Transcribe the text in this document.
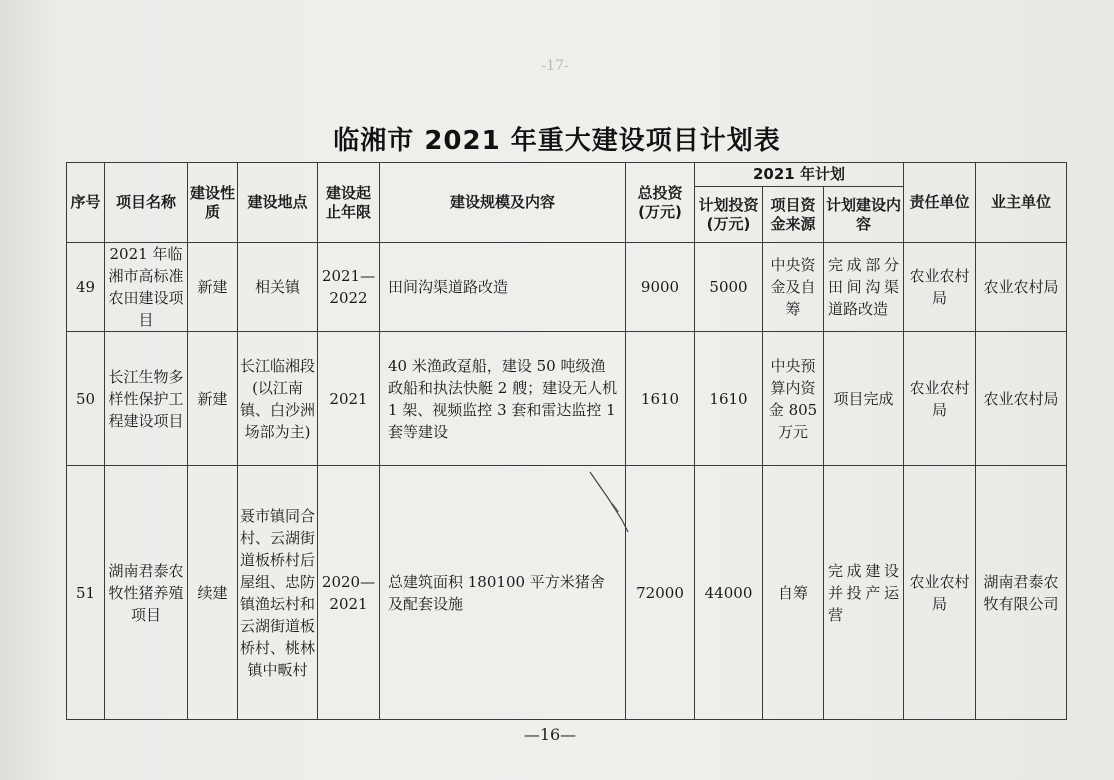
-17-
临湘市 2021 年重大建设项目计划表
序号	项目名称	建设性质	建设地点	建设起止年限	建设规模及内容	总投资(万元)	2021 年计划			责任单位	业主单位
							计划投资(万元)	项目资金来源	计划建设内容		
49	2021 年临湘市高标准农田建设项目	新建	相关镇	2021—2022	田间沟渠道路改造	9000	5000	中央资金及自筹	完成部分田间沟渠道路改造	农业农村局	农业农村局
50	长江生物多样性保护工程建设项目	新建	长江临湘段(以江南镇、白沙洲场部为主)	2021	40 米渔政趸船，建设 50 吨级渔政船和执法快艇 2 艘；建设无人机 1 架、视频监控 3 套和雷达监控 1 套等建设	1610	1610	中央预算内资金 805 万元	项目完成	农业农村局	农业农村局
51	湖南君泰农牧性猪养殖项目	续建	聂市镇同合村、云湖街道板桥村后屋组、忠防镇渔坛村和云湖街道板桥村、桃林镇中畈村	2020—2021	总建筑面积 180100 平方米猪舍及配套设施	72000	44000	自筹	完成建设并投产运营	农业农村局	湖南君泰农牧有限公司
—16—
